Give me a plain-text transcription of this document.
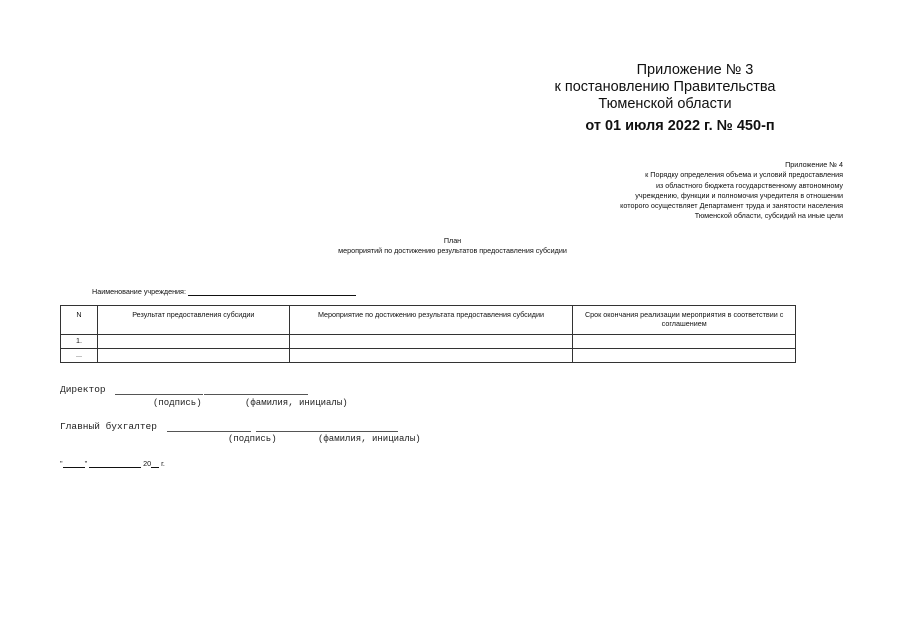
Приложение № 3
к постановлению Правительства
Тюменской области
от 01 июля 2022 г. № 450-п
Приложение № 4
к Порядку определения объема и условий предоставления
из областного бюджета государственному автономному
учреждению, функции и полномочия учредителя в отношении
которого осуществляет Департамент труда и занятости населения
Тюменской области, субсидий на иные цели
План
мероприятий по достижению результатов предоставления субсидии
Наименование учреждения:
N	Результат предоставления субсидии	Мероприятие по достижению результата предоставления субсидии	Срок окончания реализации мероприятия в соответствии с соглашением
1.			
...			
Директор
(подпись)	(фамилия, инициалы)
Главный бухгалтер
(подпись)	(фамилия, инициалы)
"	"	20 г.
